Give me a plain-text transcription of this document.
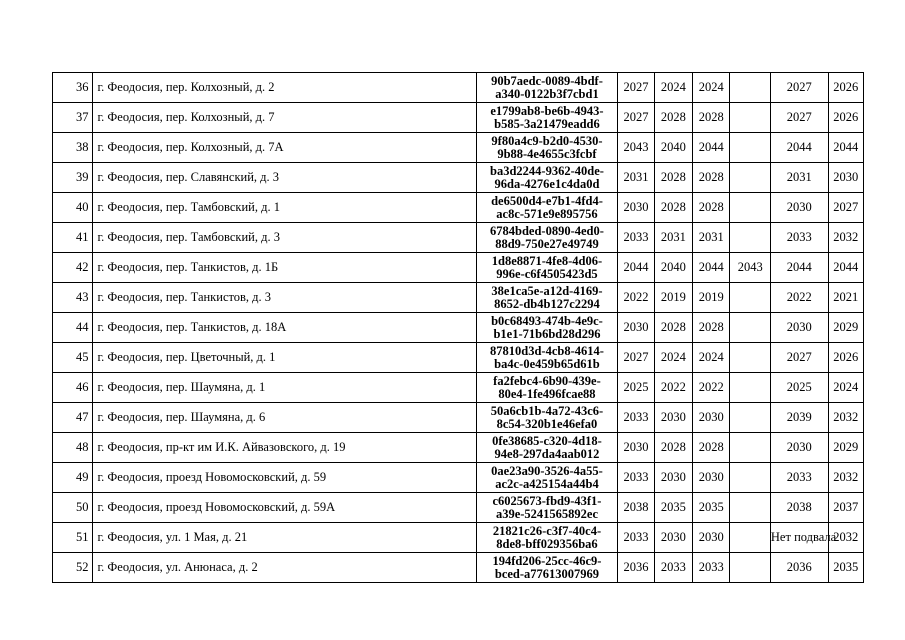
36	г. Феодосия, пер. Колхозный, д. 2	90b7aedc-0089-4bdf-
a340-0122b3f7cbd1	2027	2024	2024		2027	2026
37	г. Феодосия, пер. Колхозный, д. 7	e1799ab8-be6b-4943-
b585-3a21479eadd6	2027	2028	2028		2027	2026
38	г. Феодосия, пер. Колхозный, д. 7А	9f80a4c9-b2d0-4530-
9b88-4e4655c3fcbf	2043	2040	2044		2044	2044
39	г. Феодосия, пер. Славянский, д. 3	ba3d2244-9362-40de-
96da-4276e1c4da0d	2031	2028	2028		2031	2030
40	г. Феодосия, пер. Тамбовский, д. 1	de6500d4-e7b1-4fd4-
ac8c-571e9e895756	2030	2028	2028		2030	2027
41	г. Феодосия, пер. Тамбовский, д. 3	6784bded-0890-4ed0-
88d9-750e27e49749	2033	2031	2031		2033	2032
42	г. Феодосия, пер. Танкистов, д. 1Б	1d8e8871-4fe8-4d06-
996e-c6f4505423d5	2044	2040	2044	2043	2044	2044
43	г. Феодосия, пер. Танкистов, д. 3	38e1ca5e-a12d-4169-
8652-db4b127c2294	2022	2019	2019		2022	2021
44	г. Феодосия, пер. Танкистов, д. 18А	b0c68493-474b-4e9c-
b1e1-71b6bd28d296	2030	2028	2028		2030	2029
45	г. Феодосия, пер. Цветочный, д. 1	87810d3d-4cb8-4614-
ba4c-0e459b65d61b	2027	2024	2024		2027	2026
46	г. Феодосия, пер. Шаумяна, д. 1	fa2febc4-6b90-439e-
80e4-1fe496fcae88	2025	2022	2022		2025	2024
47	г. Феодосия, пер. Шаумяна, д. 6	50a6cb1b-4a72-43c6-
8c54-320b1e46efa0	2033	2030	2030		2039	2032
48	г. Феодосия, пр-кт им И.К. Айвазовского, д. 19	0fe38685-c320-4d18-
94e8-297da4aab012	2030	2028	2028		2030	2029
49	г. Феодосия, проезд Новомосковский, д. 59	0ae23a90-3526-4a55-
ac2c-a425154a44b4	2033	2030	2030		2033	2032
50	г. Феодосия, проезд Новомосковский, д. 59А	c6025673-fbd9-43f1-
a39e-5241565892ec	2038	2035	2035		2038	2037
51	г. Феодосия, ул. 1 Мая, д. 21	21821c26-c3f7-40c4-
8de8-bff029356ba6	2033	2030	2030		Нет подвала	2032
52	г. Феодосия, ул. Анюнаса, д. 2	194fd206-25cc-46c9-
bced-a77613007969	2036	2033	2033		2036	2035
